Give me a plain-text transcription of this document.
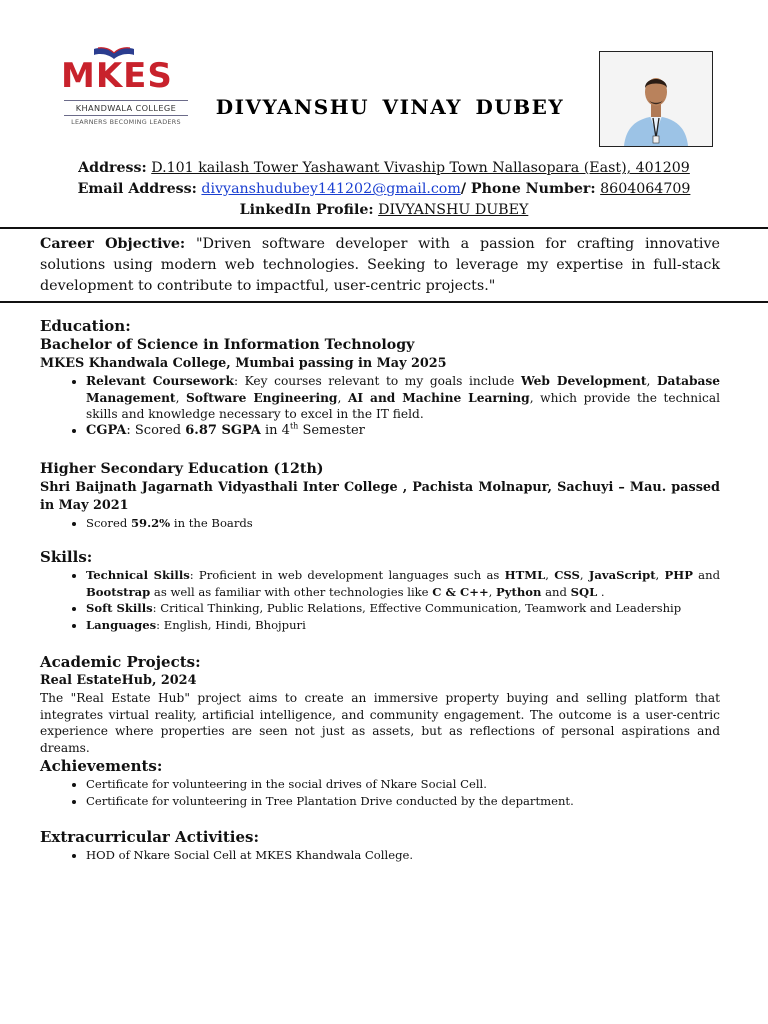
MKES
KHANDWALA COLLEGE
LEARNERS BECOMING LEADERS
DIVYANSHU VINAY DUBEY
Address: D.101 kailash Tower Yashawant Vivaship Town Nallasopara (East), 401209
Email Address: divyanshudubey141202@gmail.com/ Phone Number: 8604064709
LinkedIn Profile: DIVYANSHU DUBEY
Career Objective: "Driven software developer with a passion for crafting innovative solutions using modern web technologies. Seeking to leverage my expertise in full-stack development to contribute to impactful, user-centric projects."
Education:
Bachelor of Science in Information Technology
MKES Khandwala College, Mumbai passing in May 2025
• Relevant Coursework: Key courses relevant to my goals include Web Development, Database Management, Software Engineering, AI and Machine Learning, which provide the technical skills and knowledge necessary to excel in the IT field.
• CGPA: Scored 6.87 SGPA in 4th Semester
Higher Secondary Education (12th)
Shri Baijnath Jagarnath Vidyasthali Inter College , Pachista Molnapur, Sachuyi – Mau. passed in May 2021
• Scored 59.2% in the Boards
Skills:
• Technical Skills: Proficient in web development languages such as HTML, CSS, JavaScript, PHP and Bootstrap as well as familiar with other technologies like C & C++, Python and SQL .
• Soft Skills: Critical Thinking, Public Relations, Effective Communication, Teamwork and Leadership
• Languages: English, Hindi, Bhojpuri
Academic Projects:
Real EstateHub, 2024
The "Real Estate Hub" project aims to create an immersive property buying and selling platform that integrates virtual reality, artificial intelligence, and community engagement. The outcome is a user-centric experience where properties are seen not just as assets, but as reflections of personal aspirations and dreams.
Achievements:
• Certificate for volunteering in the social drives of Nkare Social Cell.
• Certificate for volunteering in Tree Plantation Drive conducted by the department.
Extracurricular Activities:
• HOD of Nkare Social Cell at MKES Khandwala College.
